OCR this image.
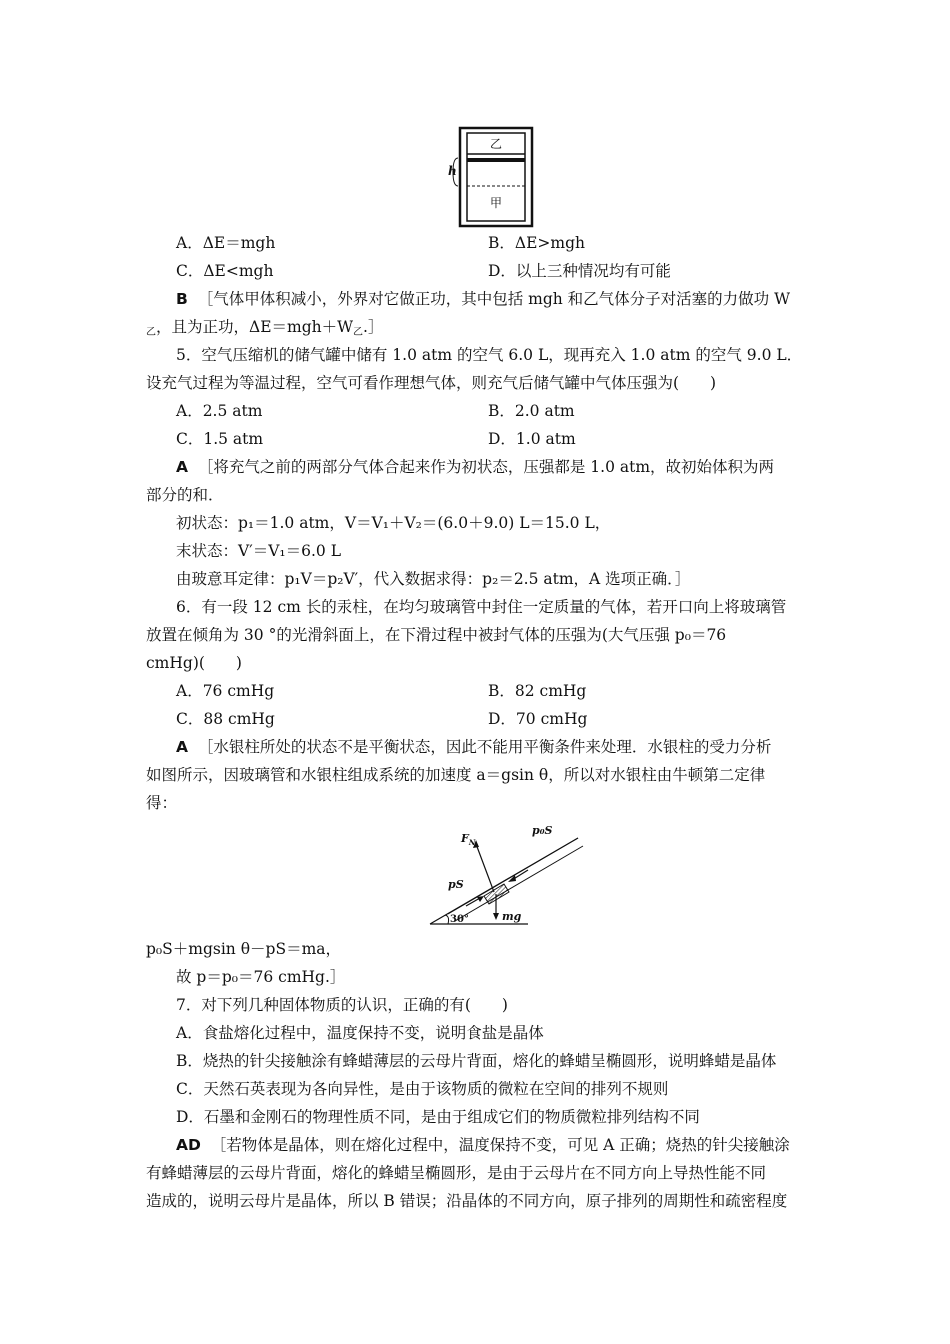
乙
甲
h
A．ΔE＝mgh	B．ΔE>mgh
C．ΔE<mgh	D．以上三种情况均有可能
B ［气体甲体积减小，外界对它做正功，其中包括 mgh 和乙气体分子对活塞的力做功 W
$_乙$，且为正功，$\Delta E=mgh+W_乙.]$
5．空气压缩机的储气罐中储有 1.0 atm 的空气 6.0 L，现再充入 1.0 atm 的空气 9.0 L．
设充气过程为等温过程，空气可看作理想气体，则充气后储气罐中气体压强为(　　)
A．2.5 atm	B．2.0 atm
C．1.5 atm	D．1.0 atm
A ［将充气之前的两部分气体合起来作为初状态，压强都是 1.0 atm，故初始体积为两
部分的和．
初状态：p₁＝1.0 atm，V＝V₁＋V₂＝(6.0＋9.0) L＝15.0 L，
末状态：V′＝V₁＝6.0 L
由玻意耳定律：p₁V＝p₂V′，代入数据求得：p₂＝2.5 atm，A 选项正确．］
6．有一段 12 cm 长的汞柱，在均匀玻璃管中封住一定质量的气体，若开口向上将玻璃管
放置在倾角为 30 °的光滑斜面上，在下滑过程中被封气体的压强为(大气压强 p₀＝76
cmHg)(　　)
A．76 cmHg	B．82 cmHg
C．88 cmHg	D．70 cmHg
A ［水银柱所处的状态不是平衡状态，因此不能用平衡条件来处理．水银柱的受力分析
如图所示，因玻璃管和水银柱组成系统的加速度 a＝gsin θ，所以对水银柱由牛顿第二定律
得：
$F_N$
p₀S
pS
mg
30°
p₀S＋mgsin θ－pS＝ma，
故 p＝p₀＝76 cmHg.］
7．对下列几种固体物质的认识，正确的有(　　)
A．食盐熔化过程中，温度保持不变，说明食盐是晶体
B．烧热的针尖接触涂有蜂蜡薄层的云母片背面，熔化的蜂蜡呈椭圆形，说明蜂蜡是晶体
C．天然石英表现为各向异性，是由于该物质的微粒在空间的排列不规则
D．石墨和金刚石的物理性质不同，是由于组成它们的物质微粒排列结构不同
AD ［若物体是晶体，则在熔化过程中，温度保持不变，可见 A 正确；烧热的针尖接触涂
有蜂蜡薄层的云母片背面，熔化的蜂蜡呈椭圆形，是由于云母片在不同方向上导热性能不同
造成的，说明云母片是晶体，所以 B 错误；沿晶体的不同方向，原子排列的周期性和疏密程度
